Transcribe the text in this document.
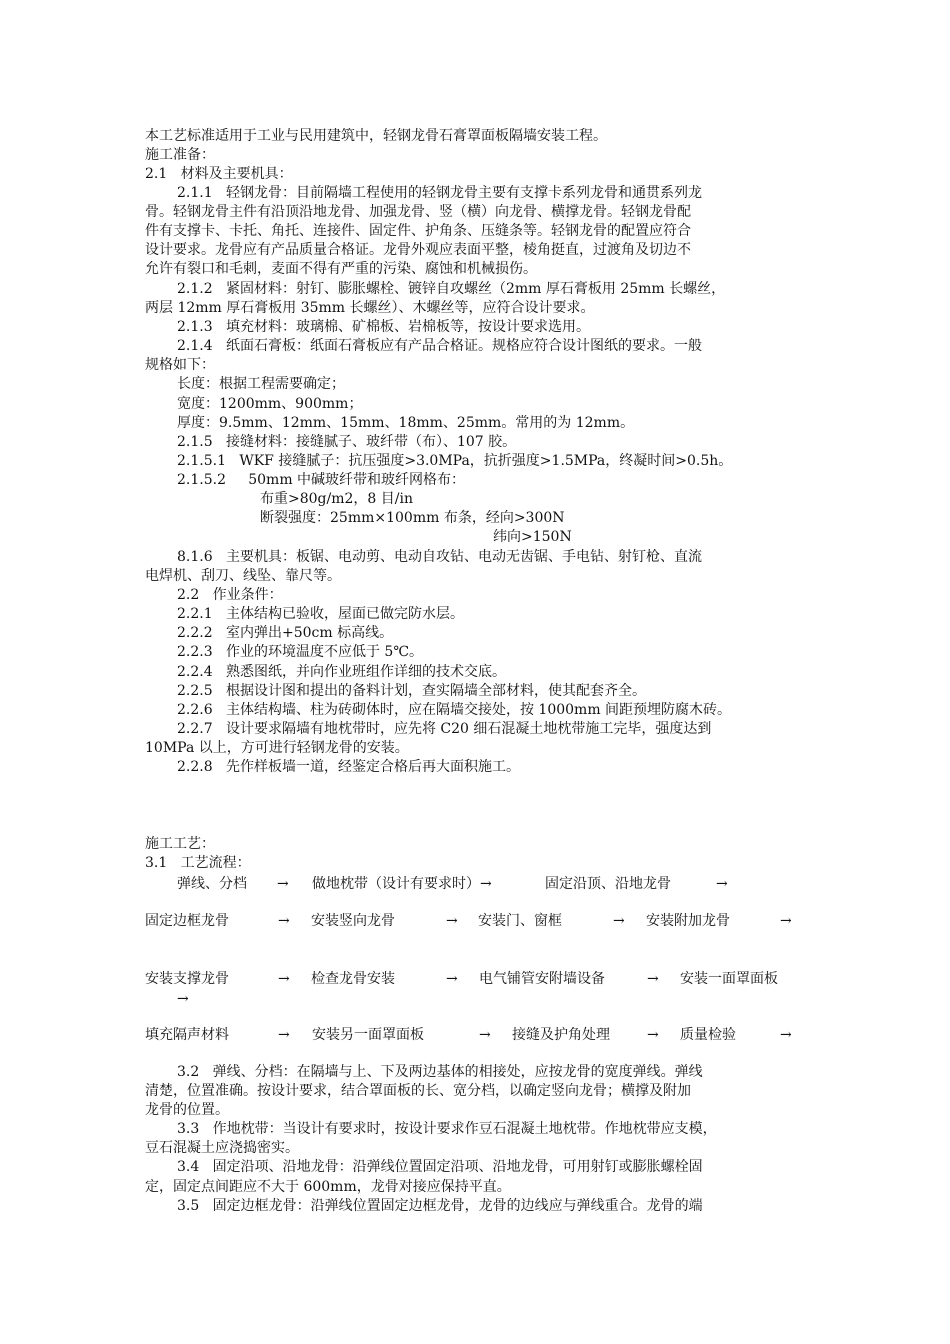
本工艺标准适用于工业与民用建筑中，轻钢龙骨石膏罩面板隔墙安装工程。
施工准备：
2.1   材料及主要机具：
2.1.1   轻钢龙骨：目前隔墙工程使用的轻钢龙骨主要有支撑卡系列龙骨和通贯系列龙
骨。轻钢龙骨主件有沿顶沿地龙骨、加强龙骨、竖（横）向龙骨、横撑龙骨。轻钢龙骨配
件有支撑卡、卡托、角托、连接件、固定件、护角条、压缝条等。轻钢龙骨的配置应符合
设计要求。龙骨应有产品质量合格证。龙骨外观应表面平整，棱角挺直，过渡角及切边不
允许有裂口和毛刺，麦面不得有严重的污染、腐蚀和机械损伤。
2.1.2   紧固材料：射钉、膨胀螺栓、镀锌自攻螺丝（2mm 厚石膏板用 25mm 长螺丝，
两层 12mm 厚石膏板用 35mm 长螺丝）、木螺丝等，应符合设计要求。
2.1.3   填充材料：玻璃棉、矿棉板、岩棉板等，按设计要求选用。
2.1.4   纸面石膏板：纸面石膏板应有产品合格证。规格应符合设计图纸的要求。一般
规格如下：
长度：根据工程需要确定；
宽度：1200mm、900mm；
厚度：9.5mm、12mm、15mm、18mm、25mm。常用的为 12mm。
2.1.5   接缝材料：接缝腻子、玻纤带（布）、107 胶。
2.1.5.1   WKF 接缝腻子：抗压强度>3.0MPa，抗折强度>1.5MPa，终凝时间>0.5h。
2.1.5.2     50mm 中碱玻纤带和玻纤网格布：
布重>80g/m2，8 目/in
断裂强度：25mm×100mm 布条，经向>300N
纬向>150N
8.1.6   主要机具：板锯、电动剪、电动自攻钻、电动无齿锯、手电钻、射钉枪、直流
电焊机、刮刀、线坠、靠尺等。
2.2   作业条件：
2.2.1   主体结构已验收，屋面已做完防水层。
2.2.2   室内弹出+50cm 标高线。
2.2.3   作业的环境温度不应低于 5℃。
2.2.4   熟悉图纸，并向作业班组作详细的技术交底。
2.2.5   根据设计图和提出的备料计划，查实隔墙全部材料，使其配套齐全。
2.2.6   主体结构墙、柱为砖砌体时，应在隔墙交接处，按 1000mm 间距预埋防腐木砖。
2.2.7   设计要求隔墙有地枕带时，应先将 C20 细石混凝土地枕带施工完毕，强度达到
10MPa 以上，方可进行轻钢龙骨的安装。
2.2.8   先作样板墙一道，经鉴定合格后再大面积施工。
施工工艺：
3.1   工艺流程：
弹线、分档 → 做地枕带（设计有要求时）→	固定沿顶、沿地龙骨	→
固定边框龙骨	→ 安装竖向龙骨	→ 安装门、窗框	→ 安装附加龙骨	→
安装支撑龙骨	→ 检查龙骨安装	→ 电气铺管安附墙设备	→ 安装一面罩面板
→
填充隔声材料	→ 安装另一面罩面板	→ 接缝及护角处理	→ 质量检验	→
3.2   弹线、分档：在隔墙与上、下及两边基体的相接处，应按龙骨的宽度弹线。弹线
清楚，位置准确。按设计要求，结合罩面板的长、宽分档，以确定竖向龙骨；横撑及附加
龙骨的位置。
3.3   作地枕带：当设计有要求时，按设计要求作豆石混凝土地枕带。作地枕带应支模，
豆石混凝土应浇捣密实。
3.4   固定沿项、沿地龙骨：沿弹线位置固定沿项、沿地龙骨，可用射钉或膨胀螺栓固
定，固定点间距应不大于 600mm，龙骨对接应保持平直。
3.5   固定边框龙骨：沿弹线位置固定边框龙骨，龙骨的边线应与弹线重合。龙骨的端
